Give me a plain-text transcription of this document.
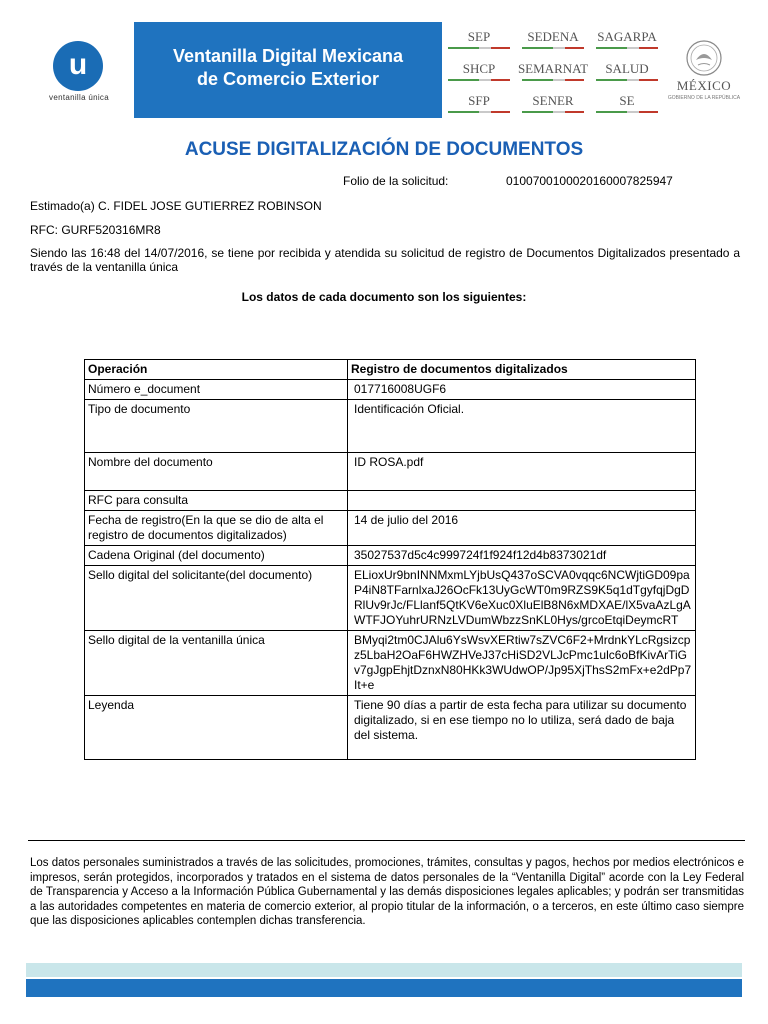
u
ventanilla única
Ventanilla Digital Mexicana
de Comercio Exterior
SEP	SEDENA	SAGARPA
SHCP	SEMARNAT	SALUD
SFP	SENER	SE
MÉXICO
GOBIERNO DE LA REPÚBLICA
ACUSE DIGITALIZACIÓN DE DOCUMENTOS
Folio de la solicitud:	0100700100020160007825947
Estimado(a) C. FIDEL JOSE GUTIERREZ ROBINSON
RFC: GURF520316MR8
Siendo las 16:48 del 14/07/2016, se tiene por recibida y atendida su solicitud de registro de Documentos Digitalizados presentado a través de la ventanilla única
Los datos de cada documento son los siguientes:
Operación	Registro de documentos digitalizados
Número e_document	017716008UGF6
Tipo de documento	Identificación Oficial.
Nombre del documento	ID ROSA.pdf
RFC para consulta	
Fecha de registro(En la que se dio de alta el registro de documentos digitalizados)	14 de julio del 2016
Cadena Original (del documento)	35027537d5c4c999724f1f924f12d4b8373021df
Sello digital del solicitante(del documento)	ELioxUr9bnINNMxmLYjbUsQ437oSCVA0vqqc6NCWjtiGD09paP4iN8TFarnlxaJ26OcFk13UyGcWT0m9RZS9K5q1dTgyfqjDgDRlUv9rJc/FLlanf5QtKV6eXuc0XluElB8N6xMDXAE/lX5vaAzLgAWTFJOYuhrURNzLVDumWbzzSnKL0Hys/grcoEtqiDeymcRT
Sello digital de la ventanilla única	BMyqi2tm0CJAlu6YsWsvXERtiw7sZVC6F2+MrdnkYLcRgsizcpz5LbaH2OaF6HWZHVeJ37cHiSD2VLJcPmc1ulc6oBfKivArTiGv7gJgpEhjtDznxN80HKk3WUdwOP/Jp95XjThsS2mFx+e2dPp7It+e
Leyenda	Tiene 90 días a partir de esta fecha para utilizar su documento digitalizado, si en ese tiempo no lo utiliza, será dado de baja del sistema.
Los datos personales suministrados a través de las solicitudes, promociones, trámites, consultas y pagos, hechos por medios electrónicos e impresos, serán protegidos, incorporados y tratados en el sistema de datos personales de la “Ventanilla Digital” acorde con la Ley Federal de Transparencia y Acceso a la Información Pública Gubernamental y las demás disposiciones legales aplicables; y podrán ser transmitidas a las autoridades competentes en materia de comercio exterior, al propio titular de la información, o a terceros, en este último caso siempre que las disposiciones aplicables contemplen dichas transferencia.
